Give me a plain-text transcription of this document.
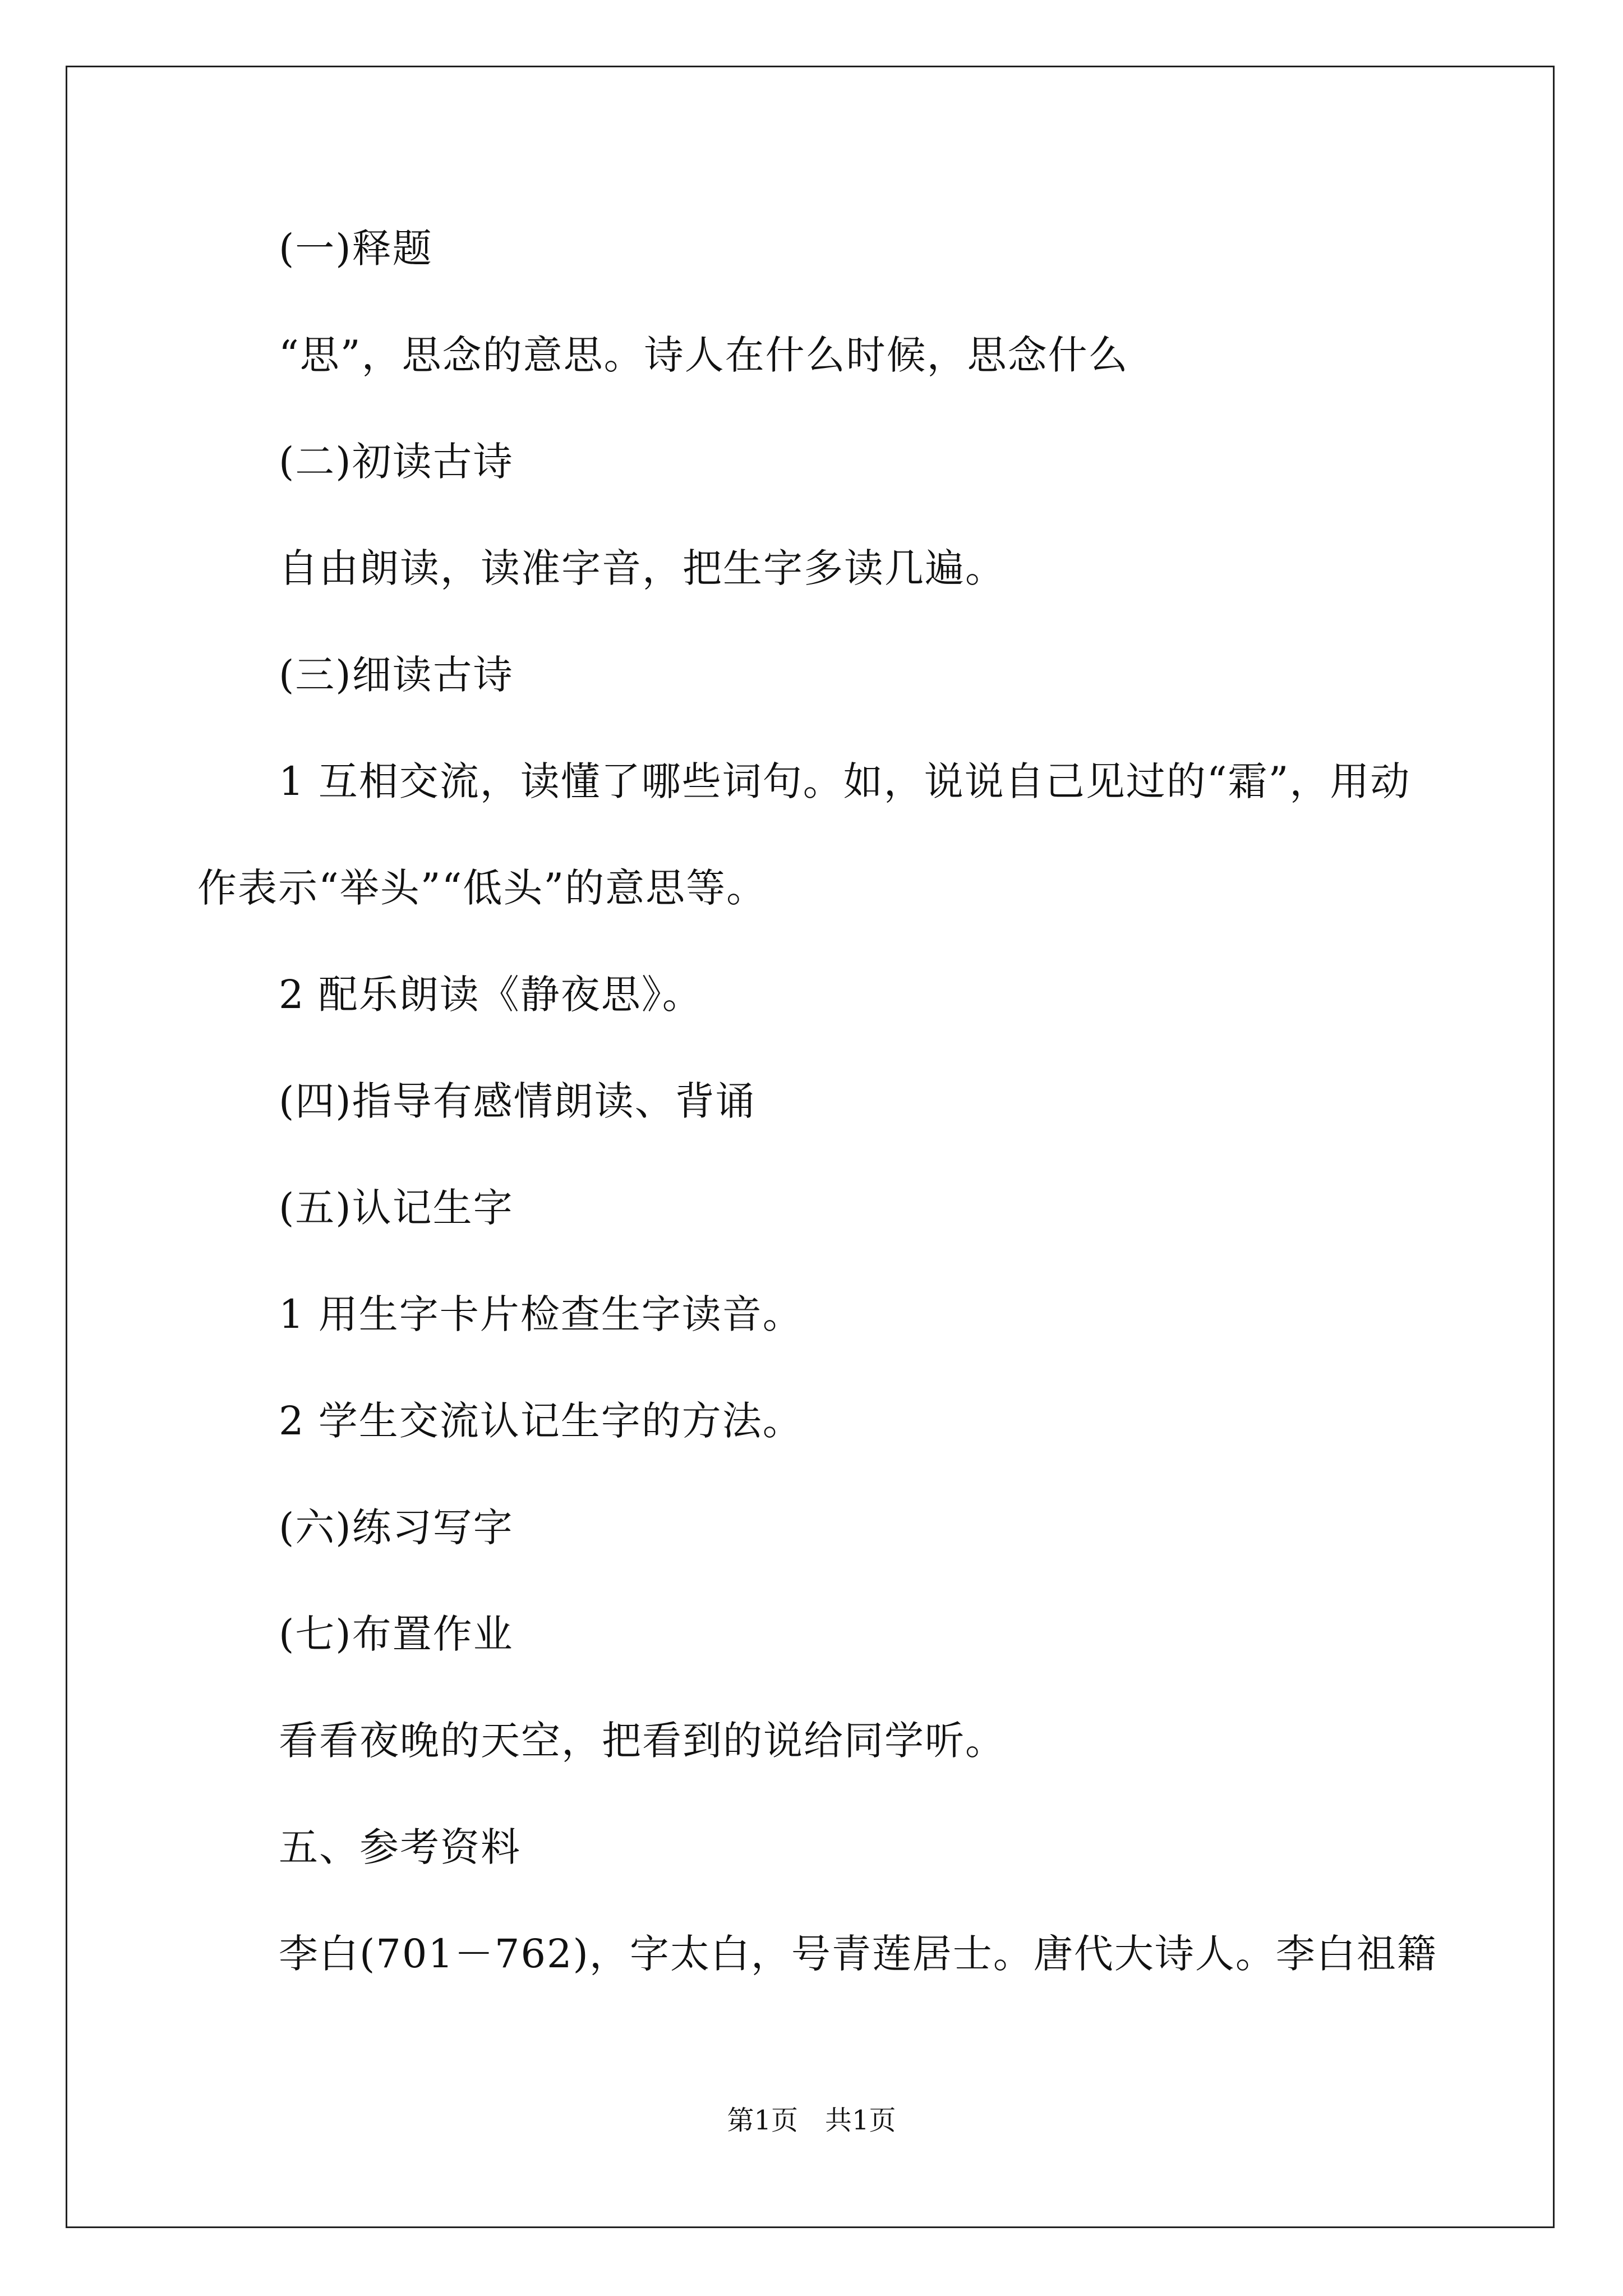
(一)释题
“思”，思念的意思。诗人在什么时候，思念什么
(二)初读古诗
自由朗读，读准字音，把生字多读几遍。
(三)细读古诗
1 互相交流，读懂了哪些词句。如，说说自己见过的“霜”，用动
作表示“举头”“低头”的意思等。
2 配乐朗读《静夜思》。
(四)指导有感情朗读、背诵
(五)认记生字
1 用生字卡片检查生字读音。
2 学生交流认记生字的方法。
(六)练习写字
(七)布置作业
看看夜晚的天空，把看到的说给同学听。
五、参考资料
李白(701－762)，字太白，号青莲居士。唐代大诗人。李白祖籍
第1页　共1页
